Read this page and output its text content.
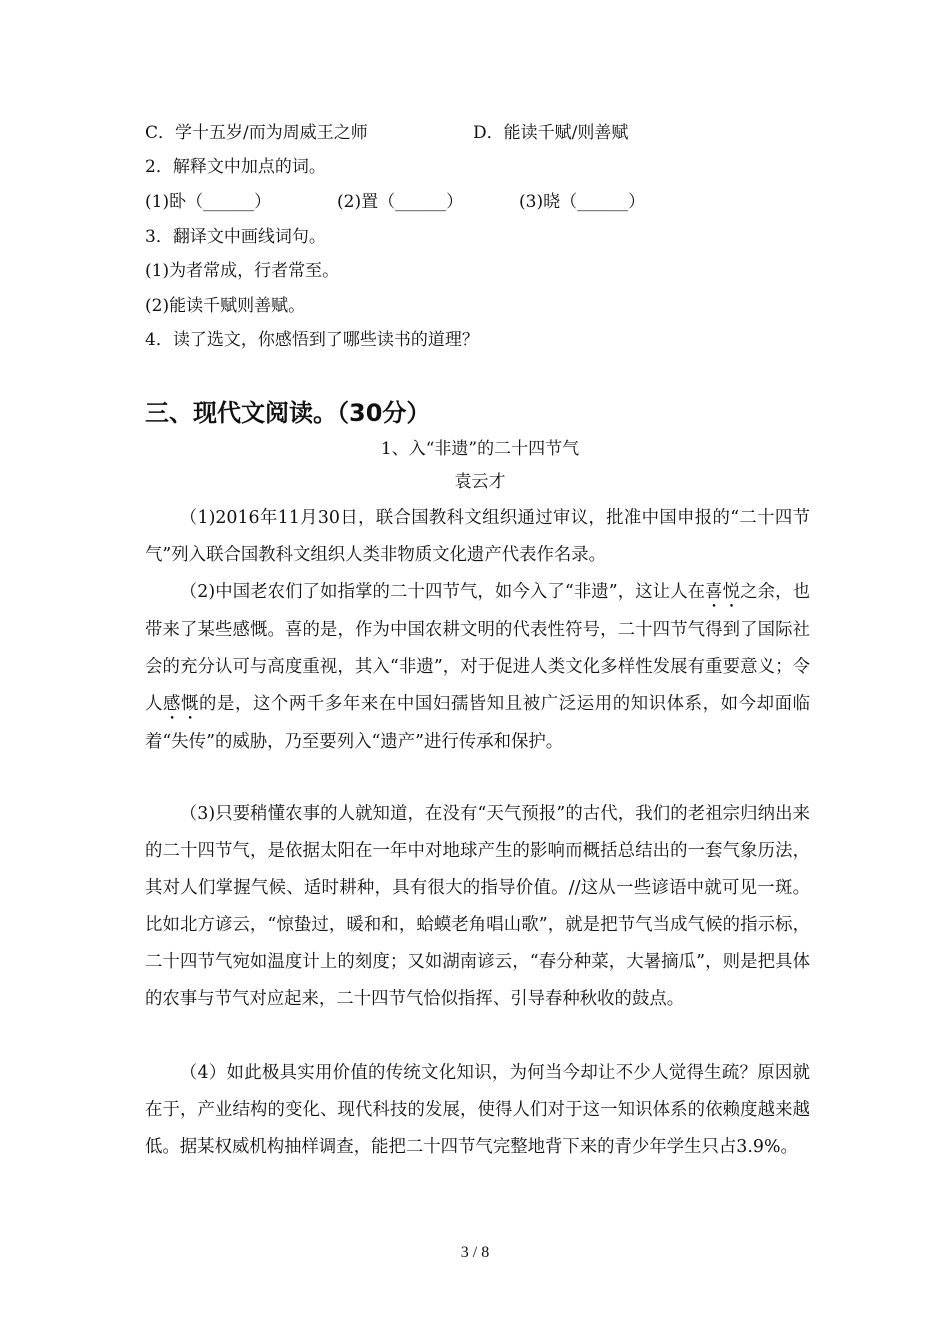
C．学十五岁/而为周威王之师	D．能读千赋/则善赋
2．解释文中加点的词。
(1)卧（______）	(2)置（______）	(3)晓（______）
3．翻译文中画线词句。
(1)为者常成，行者常至。
(2)能读千赋则善赋。
4．读了选文，你感悟到了哪些读书的道理？
三、现代文阅读。（30分）
1、入“非遗”的二十四节气
袁云才
（1)2016年11月30日，联合国教科文组织通过审议，批准中国申报的“二十四节气”列入联合国教科文组织人类非物质文化遗产代表作名录。
（2)中国老农们了如指掌的二十四节气，如今入了“非遗”，这让人在喜悦之余，也带来了某些感慨。喜的是，作为中国农耕文明的代表性符号，二十四节气得到了国际社会的充分认可与高度重视，其入“非遗”，对于促进人类文化多样性发展有重要意义；令人感慨的是，这个两千多年来在中国妇孺皆知且被广泛运用的知识体系，如今却面临着“失传”的威胁，乃至要列入“遗产”进行传承和保护。
（3)只要稍懂农事的人就知道，在没有“天气预报”的古代，我们的老祖宗归纳出来的二十四节气，是依据太阳在一年中对地球产生的影响而概括总结出的一套气象历法，其对人们掌握气候、适时耕种，具有很大的指导价值。//这从一些谚语中就可见一斑。比如北方谚云，“惊蛰过，暖和和，蛤蟆老角唱山歌”，就是把节气当成气候的指示标，二十四节气宛如温度计上的刻度；又如湖南谚云，“春分种菜，大暑摘瓜”，则是把具体的农事与节气对应起来，二十四节气恰似指挥、引导春种秋收的鼓点。
（4）如此极具实用价值的传统文化知识，为何当今却让不少人觉得生疏？原因就在于，产业结构的变化、现代科技的发展，使得人们对于这一知识体系的依赖度越来越低。据某权威机构抽样调查，能把二十四节气完整地背下来的青少年学生只占3.9%。
3 / 8
